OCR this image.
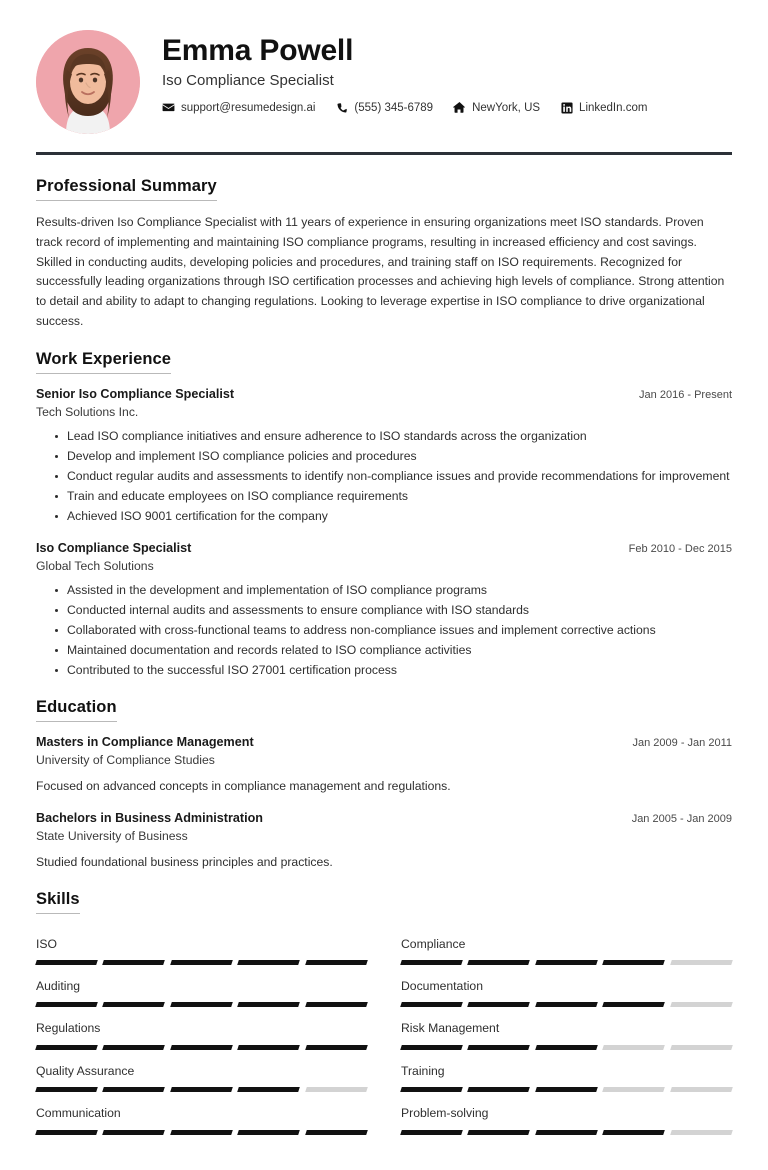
Emma Powell
Iso Compliance Specialist
support@resumedesign.ai	(555) 345-6789	NewYork, US	LinkedIn.com
Professional Summary
Results-driven Iso Compliance Specialist with 11 years of experience in ensuring organizations meet ISO standards. Proven track record of implementing and maintaining ISO compliance programs, resulting in increased efficiency and cost savings. Skilled in conducting audits, developing policies and procedures, and training staff on ISO requirements. Recognized for successfully leading organizations through ISO certification processes and achieving high levels of compliance. Strong attention to detail and ability to adapt to changing regulations. Looking to leverage expertise in ISO compliance to drive organizational success.
Work Experience
Senior Iso Compliance Specialist	Jan 2016 - Present
Tech Solutions Inc.
Lead ISO compliance initiatives and ensure adherence to ISO standards across the organization
Develop and implement ISO compliance policies and procedures
Conduct regular audits and assessments to identify non-compliance issues and provide recommendations for improvement
Train and educate employees on ISO compliance requirements
Achieved ISO 9001 certification for the company
Iso Compliance Specialist	Feb 2010 - Dec 2015
Global Tech Solutions
Assisted in the development and implementation of ISO compliance programs
Conducted internal audits and assessments to ensure compliance with ISO standards
Collaborated with cross-functional teams to address non-compliance issues and implement corrective actions
Maintained documentation and records related to ISO compliance activities
Contributed to the successful ISO 27001 certification process
Education
Masters in Compliance Management	Jan 2009 - Jan 2011
University of Compliance Studies
Focused on advanced concepts in compliance management and regulations.
Bachelors in Business Administration	Jan 2005 - Jan 2009
State University of Business
Studied foundational business principles and practices.
Skills
ISO	Compliance
Auditing	Documentation
Regulations	Risk Management
Quality Assurance	Training
Communication	Problem-solving
